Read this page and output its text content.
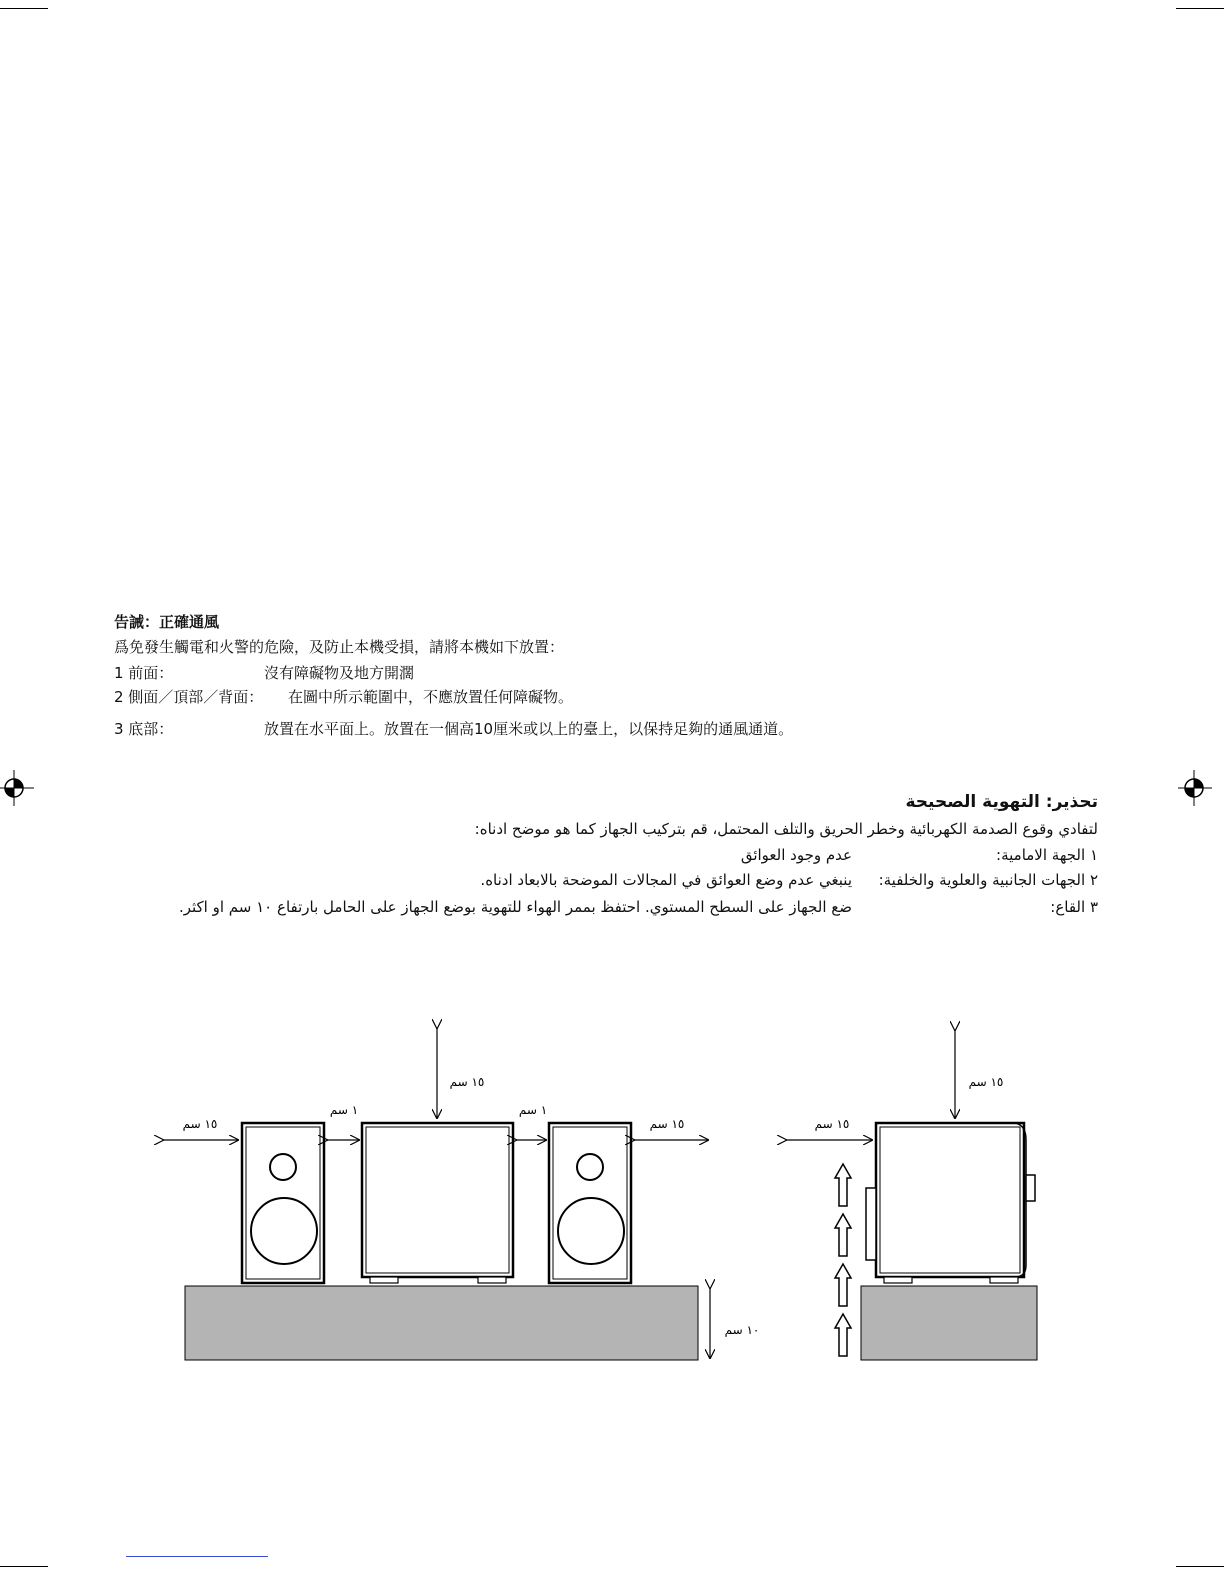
告誡：正確通風
爲免發生觸電和火警的危險，及防止本機受損，請將本機如下放置：
1 前面：	沒有障礙物及地方開濶
2 側面／頂部／背面： 在圖中所示範圍中，不應放置任何障礙物。
3 底部：	放置在水平面上。放置在一個高10厘米或以上的臺上，以保持足夠的通風通道。
تحذير: التهوية الصحيحة
لتفادي وقوع الصدمة الكهربائية وخطر الحريق والتلف المحتمل، قم بتركيب الجهاز كما هو موضح ادناه:
١ الجهة الامامية:
عدم وجود العوائق
٢ الجهات الجانبية والعلوية والخلفية:
ينبغي عدم وضع العوائق في المجالات الموضحة بالابعاد ادناه.
٣ القاع:
ضع الجهاز على السطح المستوي. احتفظ بممر الهواء للتهوية بوضع الجهاز على الحامل بارتفاع ١٠ سم او اكثر.
١٥ سم
١٥ سم
١ سم	١ سم
١٥ سم
١٠ سم
١٥ سم
١٥ سم
